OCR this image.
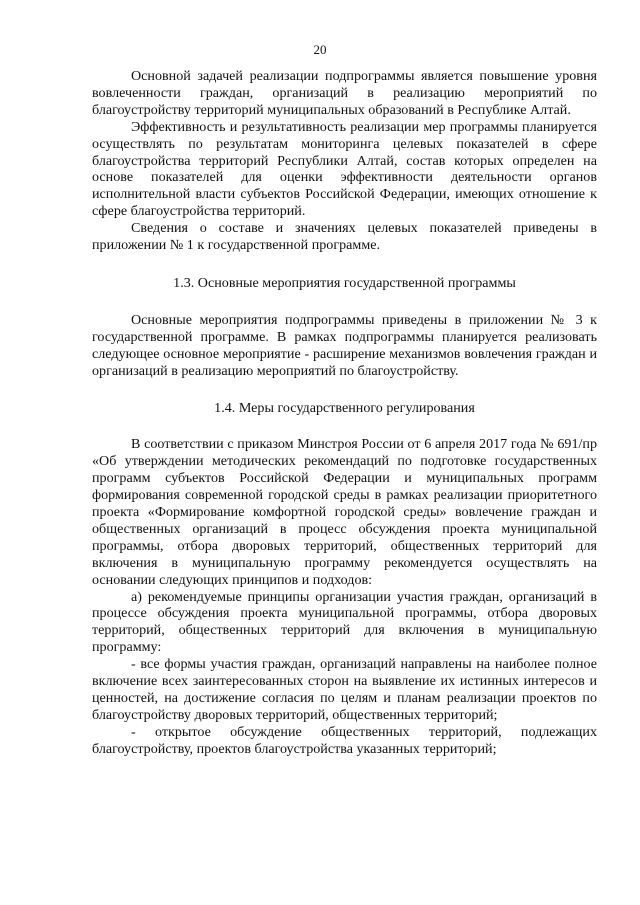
20

Основной задачей реализации подпрограммы является повышение уровня вовлеченности граждан, организаций в реализацию мероприятий по благоустройству территорий муниципальных образований в Республике Алтай.

Эффективность и результативность реализации мер программы планируется осуществлять по результатам мониторинга целевых показателей в сфере благоустройства территорий Республики Алтай, состав которых определен на основе показателей для оценки эффективности деятельности органов исполнительной власти субъектов Российской Федерации, имеющих отношение к сфере благоустройства территорий.

Сведения о составе и значениях целевых показателей приведены в приложении № 1 к государственной программе.

1.3. Основные мероприятия государственной программы

Основные мероприятия подпрограммы приведены в приложении № 3 к государственной программе. В рамках подпрограммы планируется реализовать следующее основное мероприятие - расширение механизмов вовлечения граждан и организаций в реализацию мероприятий по благоустройству.

1.4. Меры государственного регулирования

В соответствии с приказом Минстроя России от 6 апреля 2017 года № 691/пр «Об утверждении методических рекомендаций по подготовке государственных программ субъектов Российской Федерации и муниципальных программ формирования современной городской среды в рамках реализации приоритетного проекта «Формирование комфортной городской среды» вовлечение граждан и общественных организаций в процесс обсуждения проекта муниципальной программы, отбора дворовых территорий, общественных территорий для включения в муниципальную программу рекомендуется осуществлять на основании следующих принципов и подходов:

а) рекомендуемые принципы организации участия граждан, организаций в процессе обсуждения проекта муниципальной программы, отбора дворовых территорий, общественных территорий для включения в муниципальную программу:

- все формы участия граждан, организаций направлены на наиболее полное включение всех заинтересованных сторон на выявление их истинных интересов и ценностей, на достижение согласия по целям и планам реализации проектов по благоустройству дворовых территорий, общественных территорий;

- открытое обсуждение общественных территорий, подлежащих благоустройству, проектов благоустройства указанных территорий;
